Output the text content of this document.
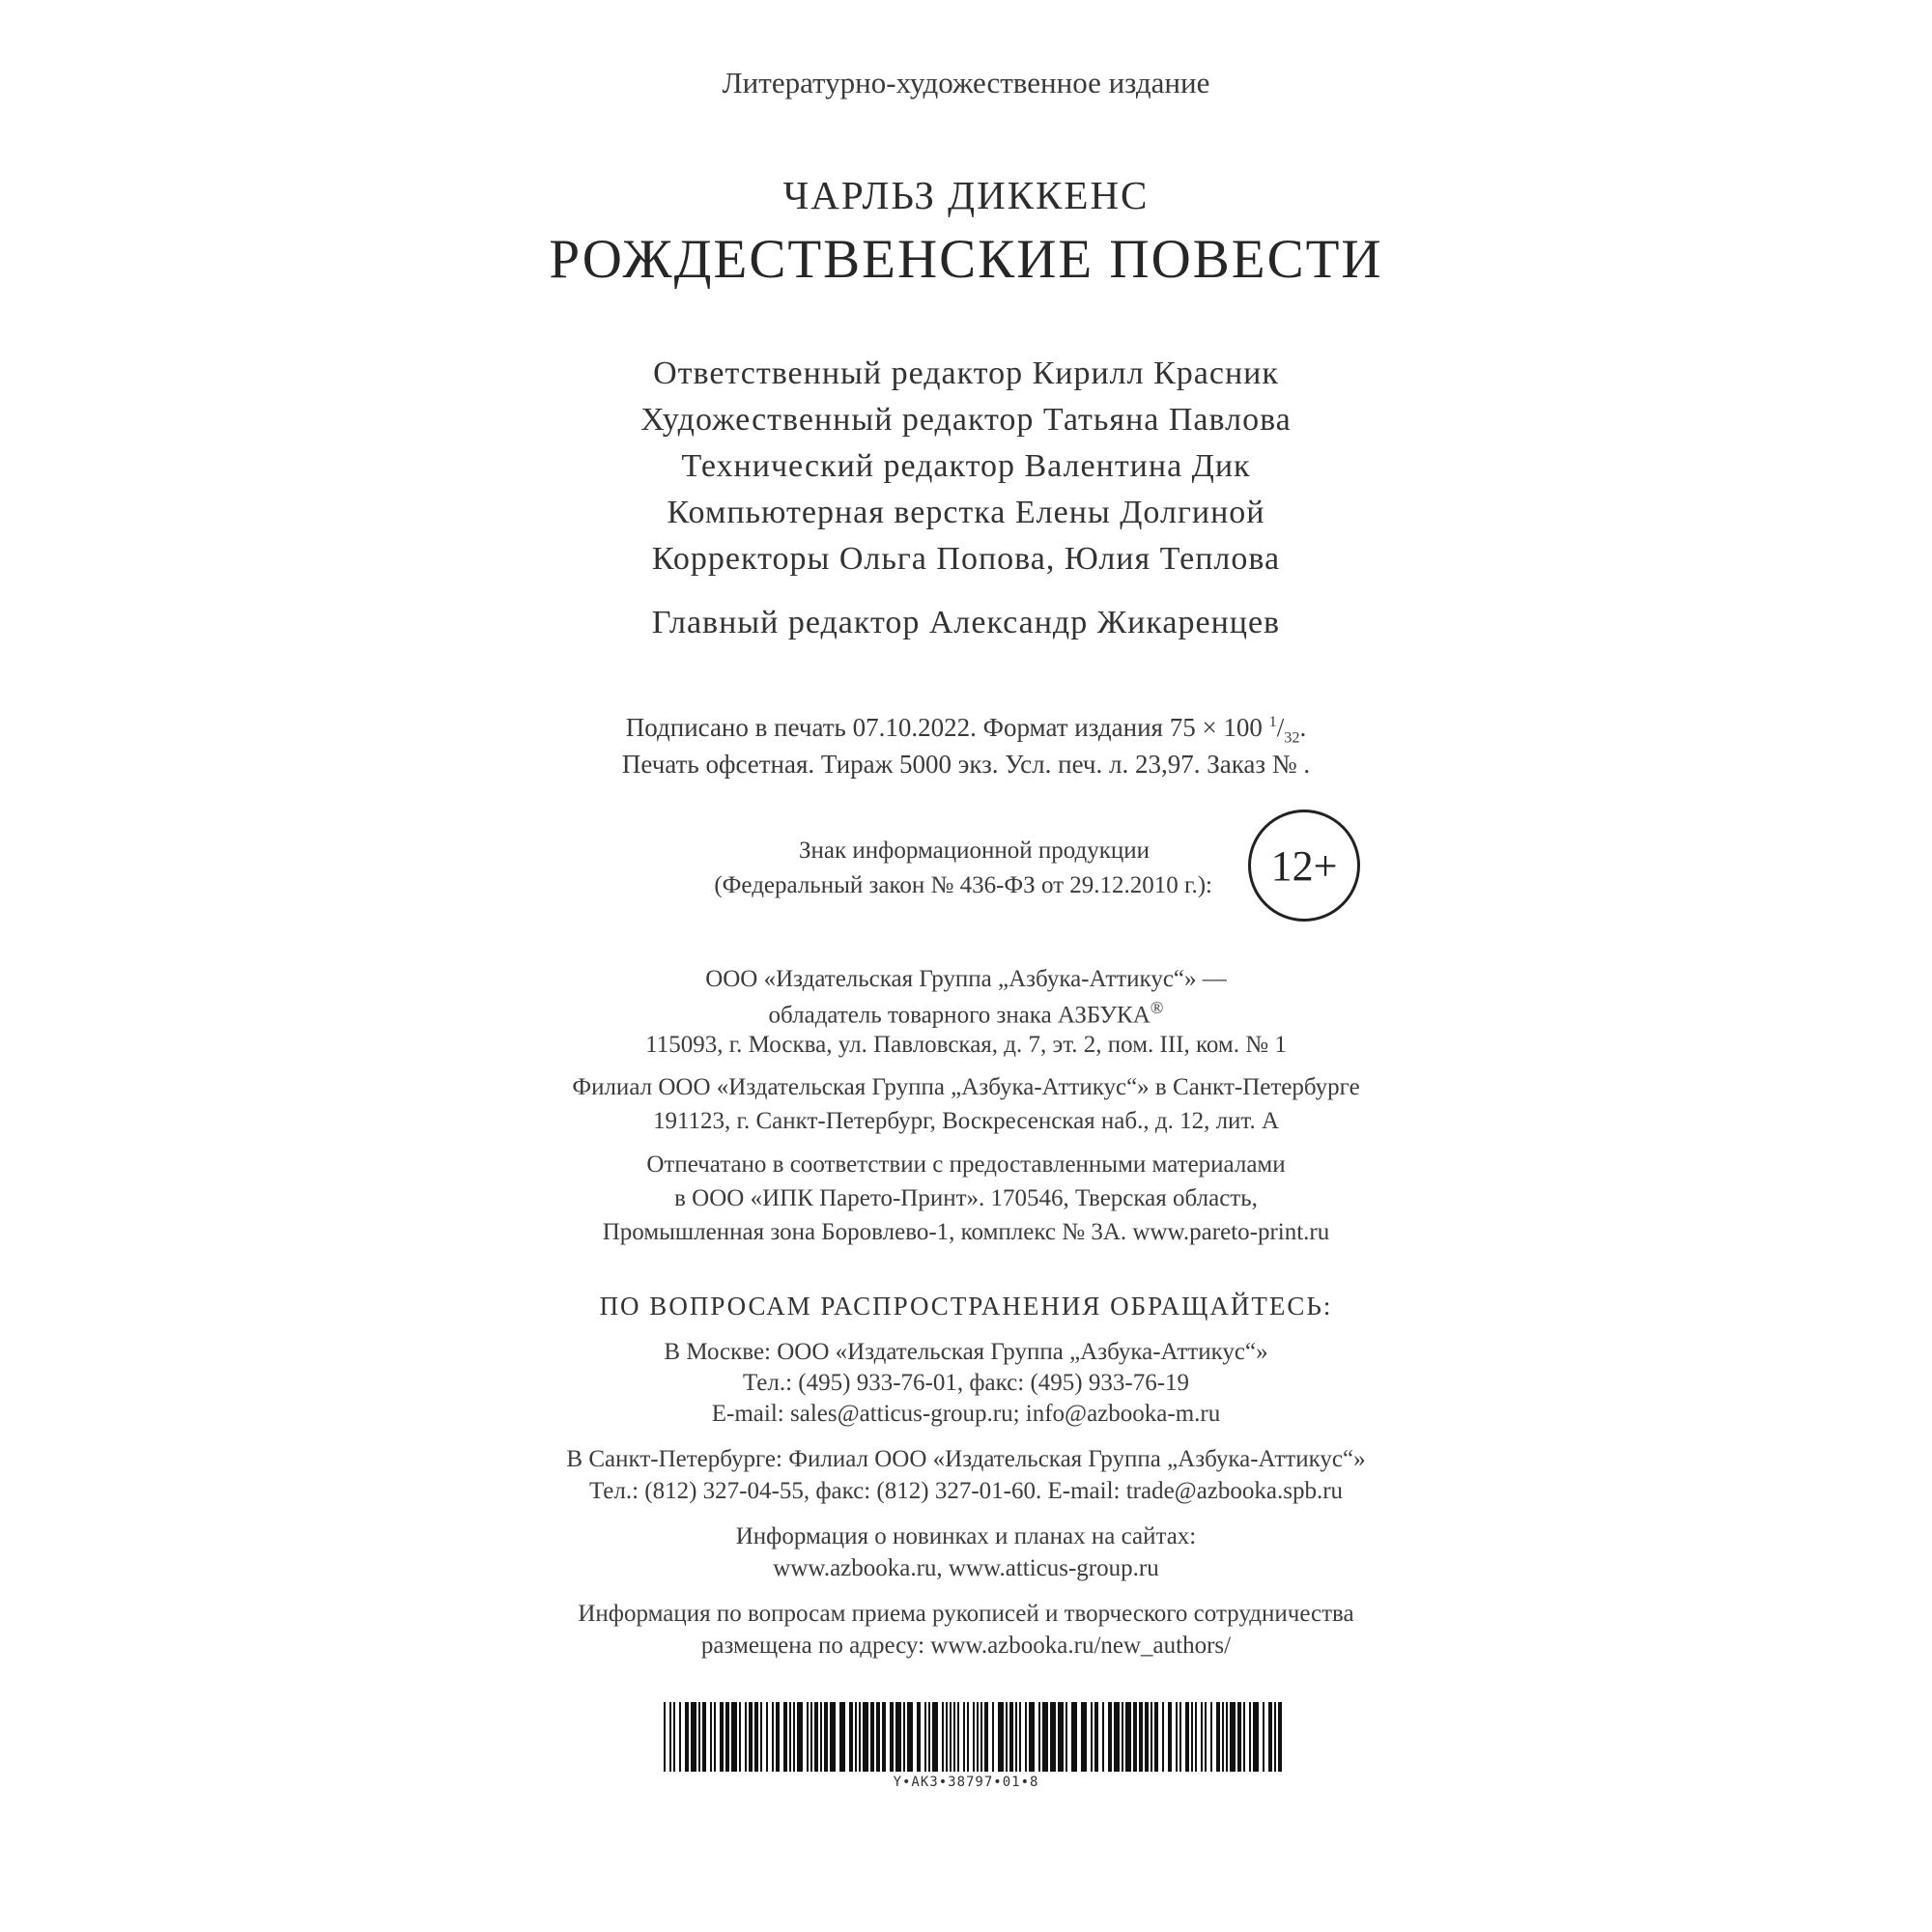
Литературно-художественное издание
ЧАРЛЬЗ ДИККЕНС
РОЖДЕСТВЕНСКИЕ ПОВЕСТИ
Ответственный редактор Кирилл Красник
Художественный редактор Татьяна Павлова
Технический редактор Валентина Дик
Компьютерная верстка Елены Долгиной
Корректоры Ольга Попова, Юлия Теплова
Главный редактор Александр Жикаренцев
Подписано в печать 07.10.2022. Формат издания 75 × 100 $^1/_{32}$.
Печать офсетная. Тираж 5000 экз. Усл. печ. л. 23,97. Заказ № .
Знак информационной продукции
(Федеральный закон № 436-ФЗ от 29.12.2010 г.):	12+
ООО «Издательская Группа „Азбука-Аттикус“» —
обладатель товарного знака АЗБУКА®
115093, г. Москва, ул. Павловская, д. 7, эт. 2, пом. III, ком. № 1
Филиал ООО «Издательская Группа „Азбука-Аттикус“» в Санкт-Петербурге
191123, г. Санкт-Петербург, Воскресенская наб., д. 12, лит. А
Отпечатано в соответствии с предоставленными материалами
в ООО «ИПК Парето-Принт». 170546, Тверская область,
Промышленная зона Боровлево-1, комплекс № 3А. www.pareto-print.ru
ПО ВОПРОСАМ РАСПРОСТРАНЕНИЯ ОБРАЩАЙТЕСЬ:
В Москве: ООО «Издательская Группа „Азбука-Аттикус“»
Тел.: (495) 933-76-01, факс: (495) 933-76-19
E-mail: sales@atticus-group.ru; info@azbooka-m.ru
В Санкт-Петербурге: Филиал ООО «Издательская Группа „Азбука-Аттикус“»
Тел.: (812) 327-04-55, факс: (812) 327-01-60. E-mail: trade@azbooka.spb.ru
Информация о новинках и планах на сайтах:
www.azbooka.ru, www.atticus-group.ru
Информация по вопросам приема рукописей и творческого сотрудничества
размещена по адресу: www.azbooka.ru/new_authors/
Y•AK3•38797•01•8
